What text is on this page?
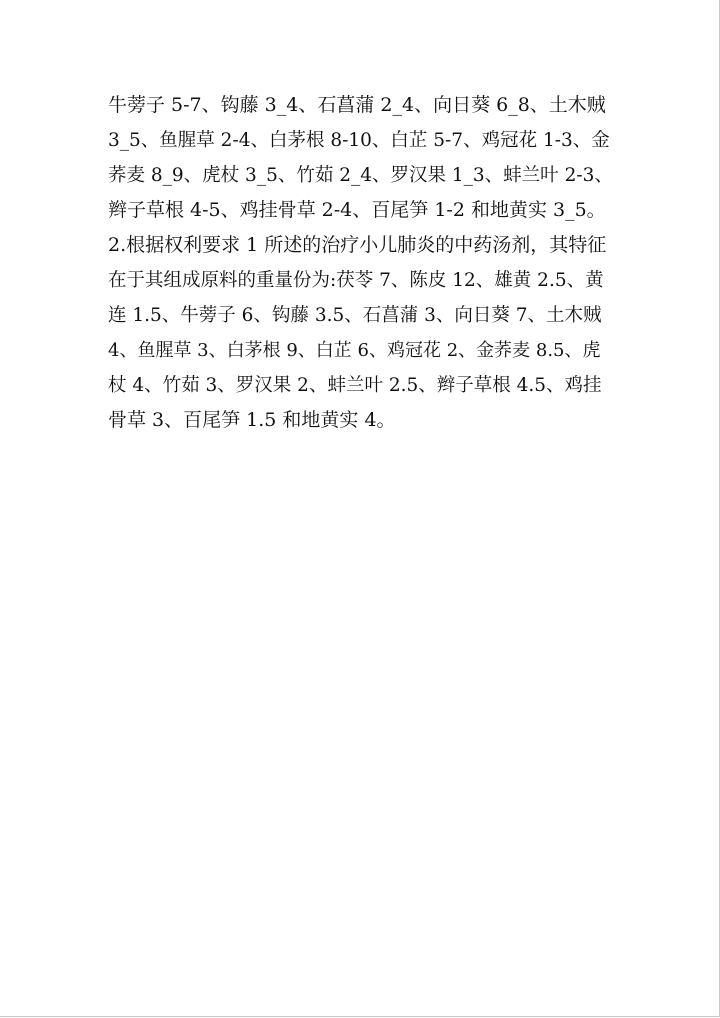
牛蒡子 5-7、钩藤 3_4、石菖蒲 2_4、向日葵 6_8、土木贼
3_5、鱼腥草 2-4、白茅根 8-10、白芷 5-7、鸡冠花 1-3、金
荞麦 8_9、虎杖 3_5、竹茹 2_4、罗汉果 1_3、蚌兰叶 2-3、
辫子草根 4-5、鸡挂骨草 2-4、百尾笋 1-2 和地黄实 3_5。
2.根据权利要求 1 所述的治疗小儿肺炎的中药汤剂，其特征
在于其组成原料的重量份为:茯苓 7、陈皮 12、雄黄 2.5、黄
连 1.5、牛蒡子 6、钩藤 3.5、石菖蒲 3、向日葵 7、土木贼
4、鱼腥草 3、白茅根 9、白芷 6、鸡冠花 2、金荞麦 8.5、虎
杖 4、竹茹 3、罗汉果 2、蚌兰叶 2.5、辫子草根 4.5、鸡挂
骨草 3、百尾笋 1.5 和地黄实 4。
